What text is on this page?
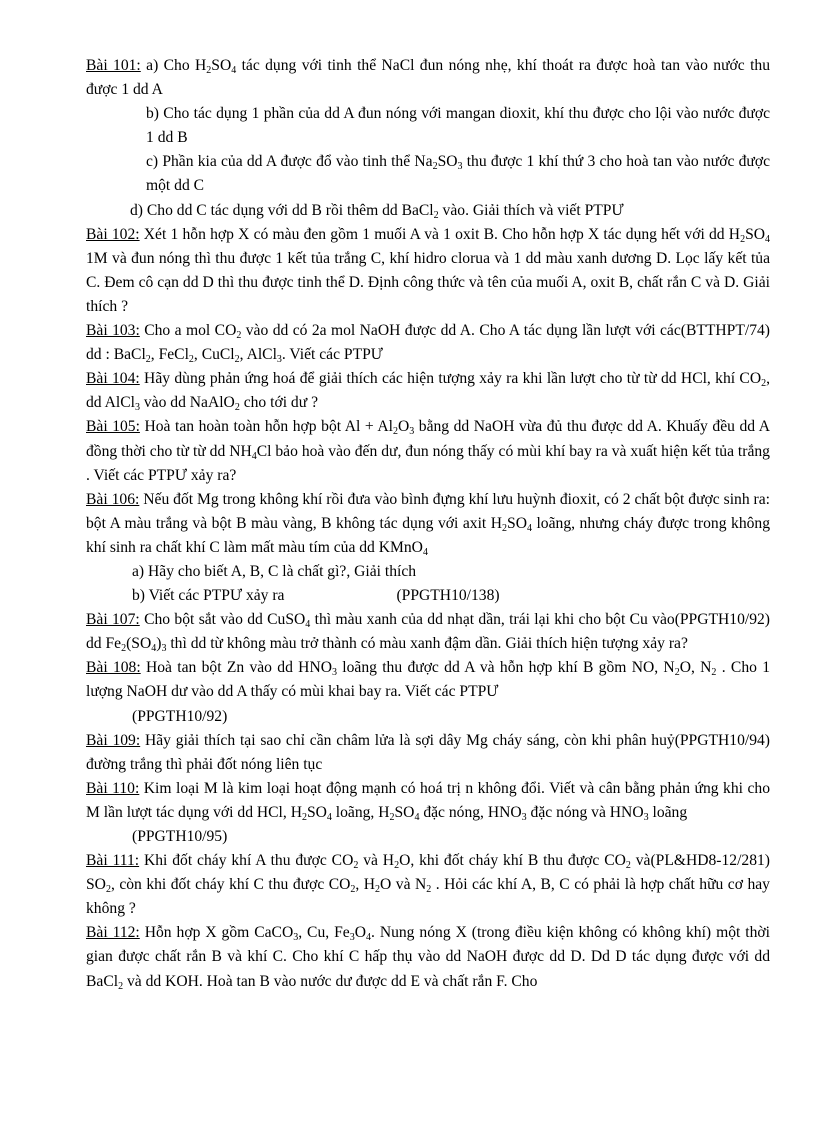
Bài 101: a) Cho $H_2SO_4$ tác dụng với tinh thể NaCl đun nóng nhẹ, khí thoát ra được hoà tan vào nước thu được 1 dd A
b) Cho tác dụng 1 phần của dd A đun nóng với mangan dioxit, khí thu được cho lội vào nước được 1 dd B
c) Phần kia của dd A được đổ vào tinh thể $Na_2SO_3$ thu được 1 khí thứ 3 cho hoà tan vào nước được một dd C
d) Cho dd C tác dụng với dd B rồi thêm dd BaCl$_2$ vào. Giải thích và viết PTPƯ
Bài 102: Xét 1 hỗn hợp X có màu đen gồm 1 muối A và 1 oxit B. Cho hỗn hợp X tác dụng hết với dd $H_2SO_4$ 1M và đun nóng thì thu được 1 kết tủa trắng C, khí hidro clorua và 1 dd màu xanh dương D. Lọc lấy kết tủa C. Đem cô cạn dd D thì thu được tinh thể D. Định công thức và tên của muối A, oxit B, chất rắn C và D. Giải thích ?
(BTTHPT/74)
Bài 103: Cho a mol $CO_2$ vào dd có 2a mol NaOH được dd A. Cho A tác dụng lần lượt với các dd : BaCl$_2$, FeCl$_2$, CuCl$_2$, AlCl$_3$. Viết các PTPƯ
Bài 104: Hãy dùng phản ứng hoá để giải thích các hiện tượng xảy ra khi lần lượt cho từ từ dd HCl, khí $CO_2$, dd AlCl$_3$ vào dd NaAlO$_2$ cho tới dư ?
Bài 105: Hoà tan hoàn toàn hỗn hợp bột $Al + Al_2O_3$ bằng dd NaOH vừa đủ thu được dd A. Khuấy đều dd A đồng thời cho từ từ dd $NH_4Cl$ bảo hoà vào đến dư, đun nóng thấy có mùi khí bay ra và xuất hiện kết tủa trắng . Viết các PTPƯ xảy ra?
Bài 106: Nếu đốt Mg trong không khí rồi đưa vào bình đựng khí lưu huỳnh đioxit, có 2 chất bột được sinh ra: bột A màu trắng và bột B màu vàng, B không tác dụng với axit $H_2SO_4$ loãng, nhưng cháy được trong không khí sinh ra chất khí C làm mất màu tím của dd KMnO$_4$
a) Hãy cho biết A, B, C là chất gì?, Giải thích
b) Viết các PTPƯ xảy ra	(PPGTH10/138)
(PPGTH10/92)
Bài 107: Cho bột sắt vào dd CuSO$_4$ thì màu xanh của dd nhạt dần, trái lại khi cho bột Cu vào dd $Fe_2(SO_4)_3$ thì dd từ không màu trở thành có màu xanh đậm dần. Giải thích hiện tượng xảy ra?
Bài 108: Hoà tan bột Zn vào dd $HNO_3$ loãng thu được dd A và hỗn hợp khí B gồm NO, $N_2O$, $N_2$ . Cho 1 lượng NaOH dư vào dd A thấy có mùi khai bay ra. Viết các PTPƯ
(PPGTH10/92)
(PPGTH10/94)
Bài 109: Hãy giải thích tại sao chỉ cần châm lửa là sợi dây Mg cháy sáng, còn khi phân huỷ đường trắng thì phải đốt nóng liên tục
Bài 110: Kim loại M là kim loại hoạt động mạnh có hoá trị n không đổi. Viết và cân bằng phản ứng khi cho M lần lượt tác dụng với dd HCl, $H_2SO_4$ loãng, $H_2SO_4$ đặc nóng, $HNO_3$ đặc nóng và $HNO_3$ loãng
(PPGTH10/95)
(PL&HD8-12/281)
Bài 111: Khi đốt cháy khí A thu được $CO_2$ và $H_2O$, khi đốt cháy khí B thu được $CO_2$ và $SO_2$, còn khi đốt cháy khí C thu được $CO_2$, $H_2O$ và $N_2$ . Hỏi các khí A, B, C có phải là hợp chất hữu cơ hay không ?
Bài 112: Hỗn hợp X gồm CaCO$_3$, Cu, $Fe_3O_4$. Nung nóng X (trong điều kiện không có không khí) một thời gian được chất rắn B và khí C. Cho khí C hấp thụ vào dd NaOH được dd D. Dd D tác dụng được với dd BaCl$_2$ và dd KOH. Hoà tan B vào nước dư được dd E và chất rắn F. Cho
